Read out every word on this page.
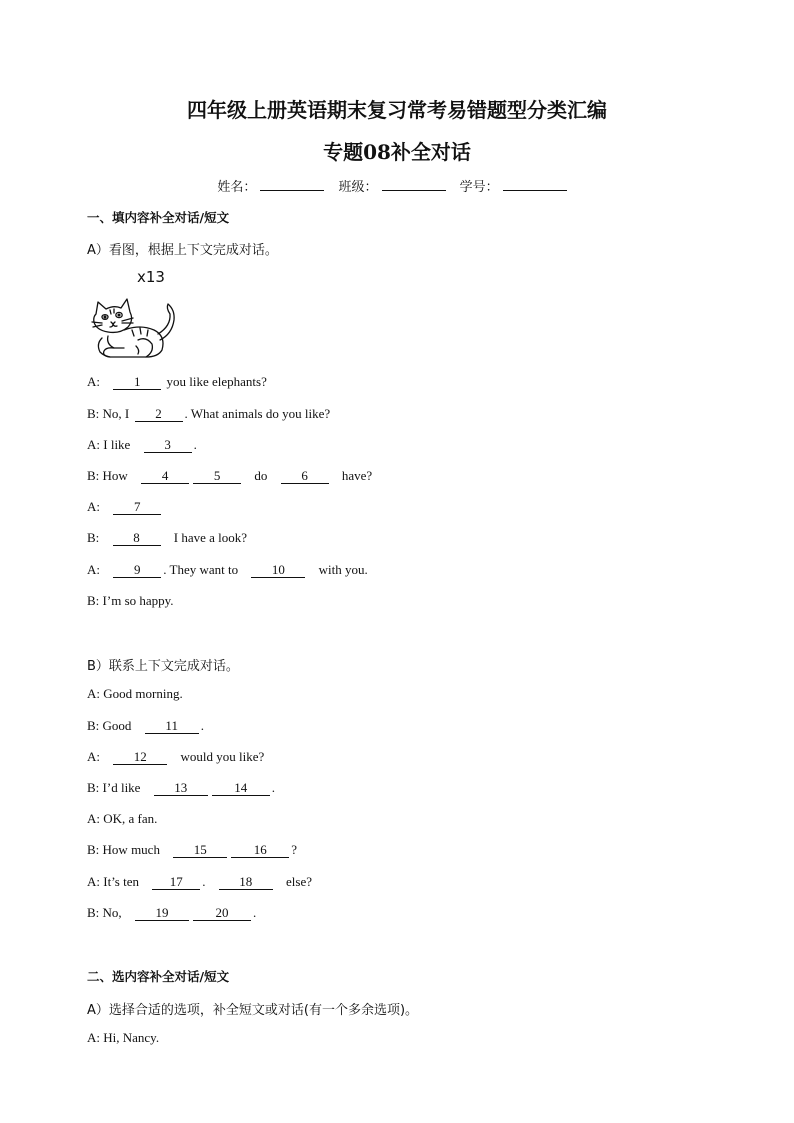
四年级上册英语期末复习常考易错题型分类汇编
专题08补全对话
姓名：	班级：	学号：
一、填内容补全对话/短文
A）看图，根据上下文完成对话。
x13
A:	1 you like elephants?
B: No, I 2 . What animals do you like?
A: I like	3 .
B: How	4	5	do	6	have?
A:	7
B:	8	I have a look?
A:	9 . They want to	10	with you.
B: I’m so happy.
B）联系上下文完成对话。
A: Good morning.
B: Good	11 .
A:	12	would you like?
B: I’d like	13	14 .
A: OK, a fan.
B: How much	15	16 ?
A: It’s ten 17 .	18	else?
B: No,	19	20 .
二、选内容补全对话/短文
A）选择合适的选项，补全短文或对话(有一个多余选项)。
A: Hi, Nancy.
